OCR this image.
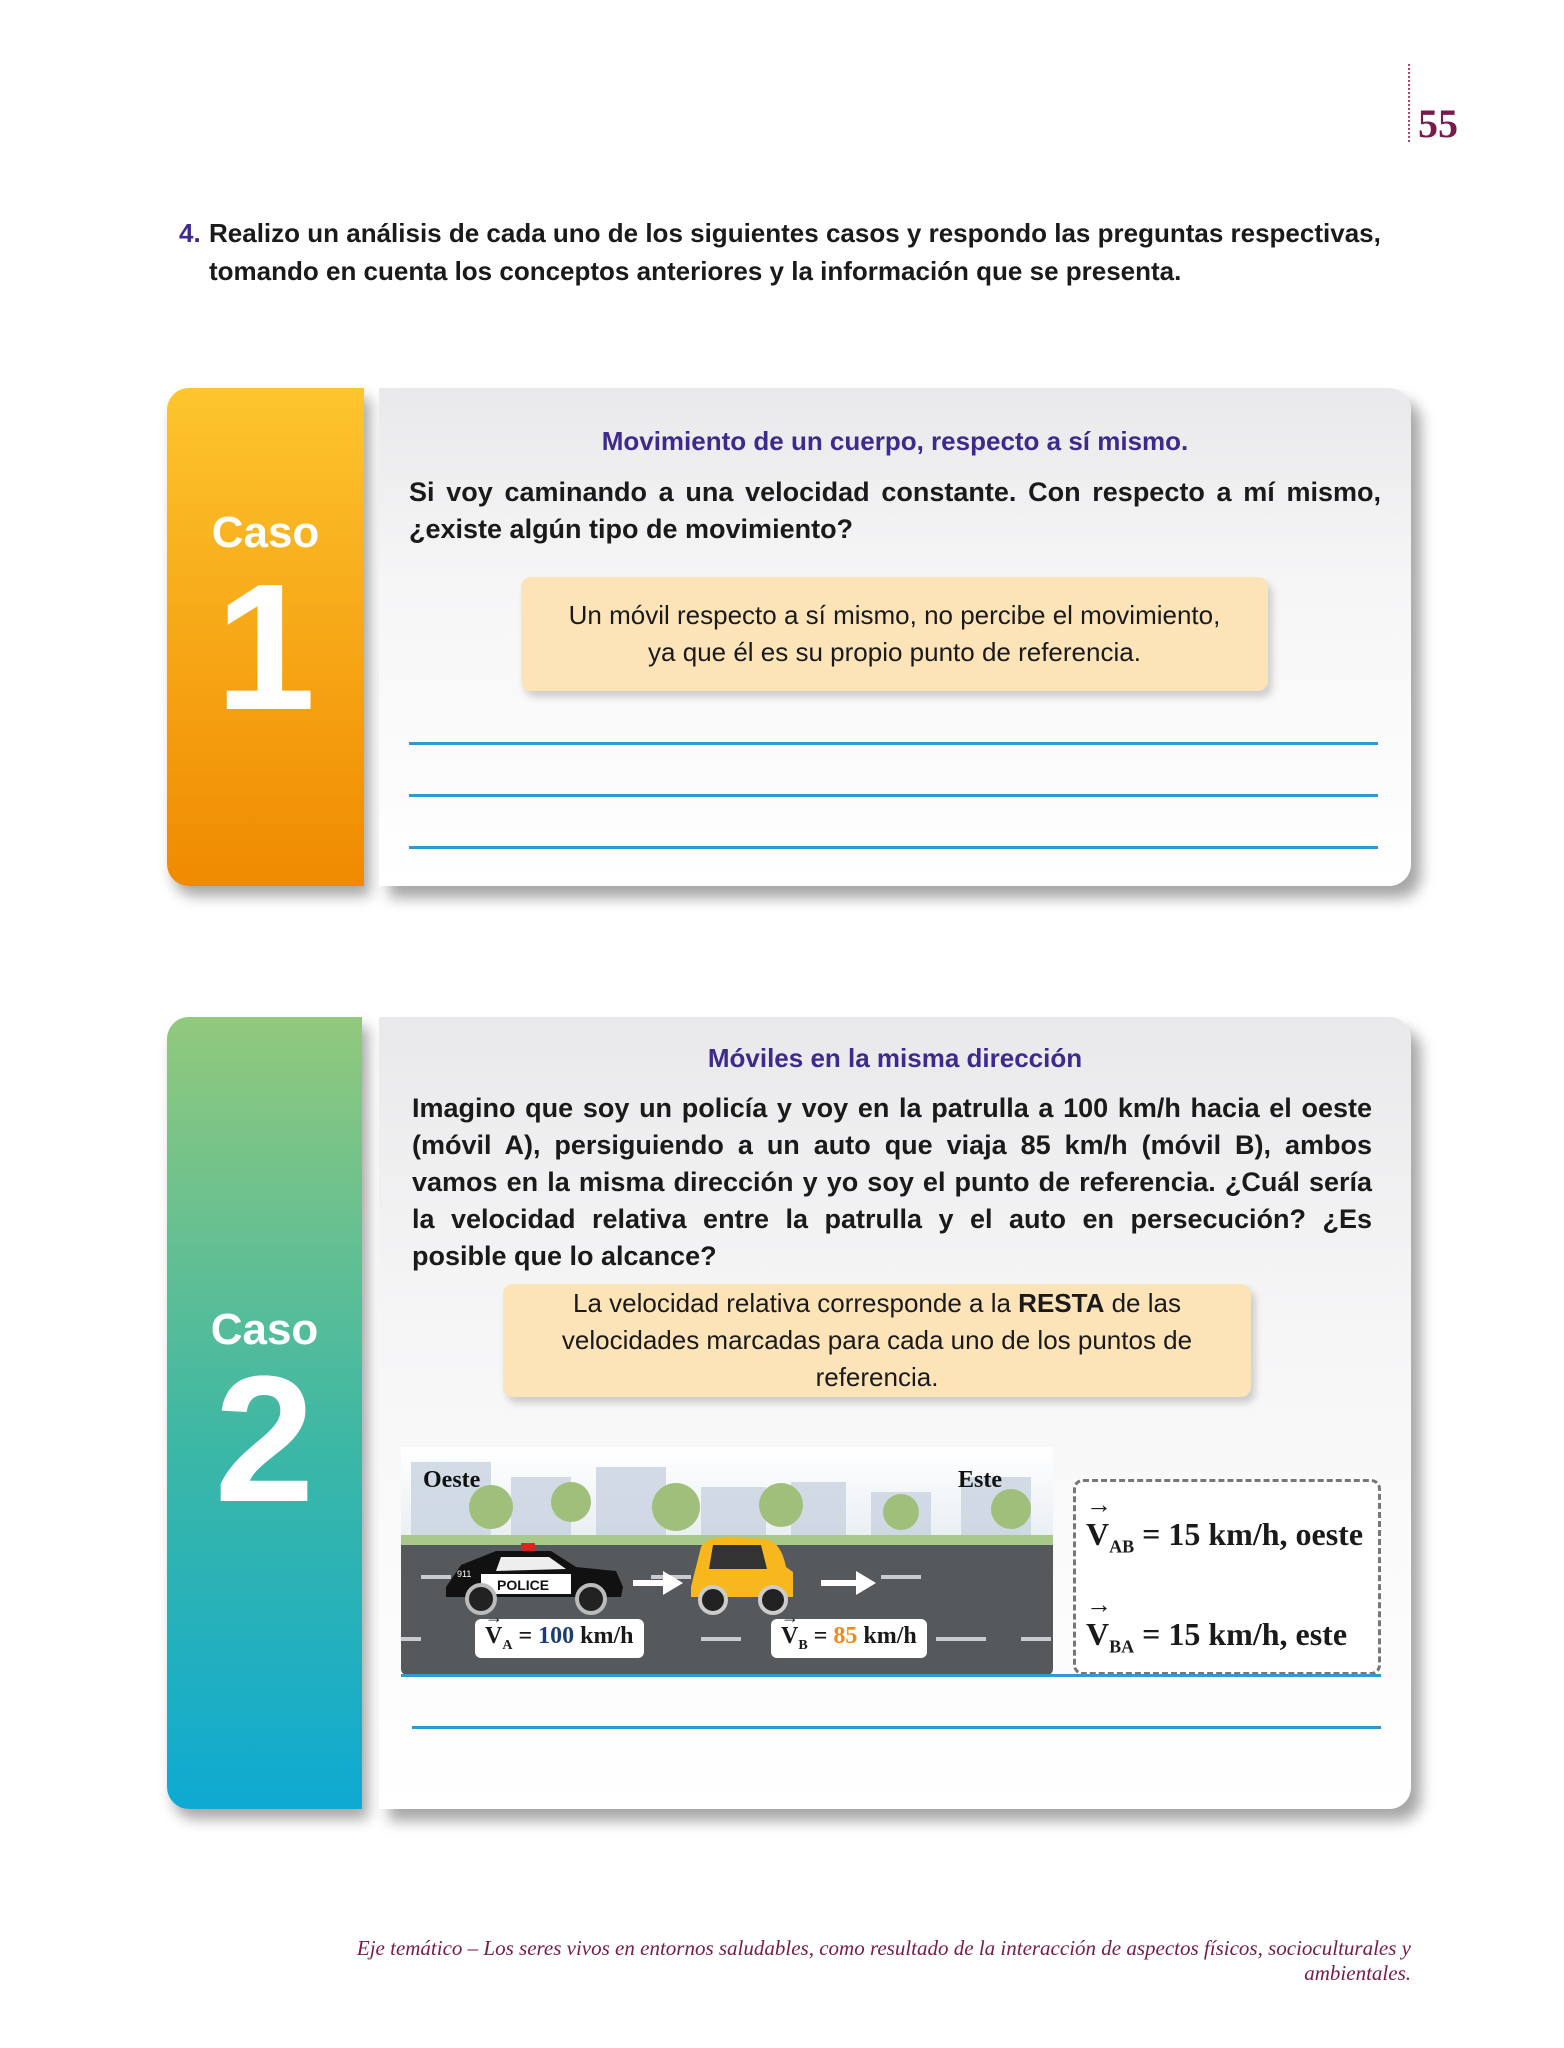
55
4. Realizo un análisis de cada uno de los siguientes casos y respondo las preguntas respectivas, tomando en cuenta los conceptos anteriores y la información que se presenta.
Caso
1
Movimiento de un cuerpo, respecto a sí mismo.
Si voy caminando a una velocidad constante. Con respecto a mí mismo, ¿existe algún tipo de movimiento?
Un móvil respecto a sí mismo, no percibe el movimiento,
ya que él es su propio punto de referencia.
Caso
2
Móviles en la misma dirección
Imagino que soy un policía y voy en la patrulla a 100 km/h hacia el oeste (móvil A), persiguiendo a un auto que viaja 85 km/h (móvil B), ambos vamos en la misma dirección y yo soy el punto de referencia. ¿Cuál sería la velocidad relativa entre la patrulla y el auto en persecución? ¿Es posible que lo alcance?
La velocidad relativa corresponde a la RESTA de las velocidades marcadas para cada uno de los puntos de referencia.
POLICE
911
Oeste	Este
$V_A$
→
= 100 km/h	$V_B$
→
= 85 km/h
$V_{AB}$
→
= 15 km/h, oeste
$V_{BA}$
→
= 15 km/h, este
Eje temático – Los seres vivos en entornos saludables, como resultado de la interacción de aspectos físicos, socioculturales y ambientales.
